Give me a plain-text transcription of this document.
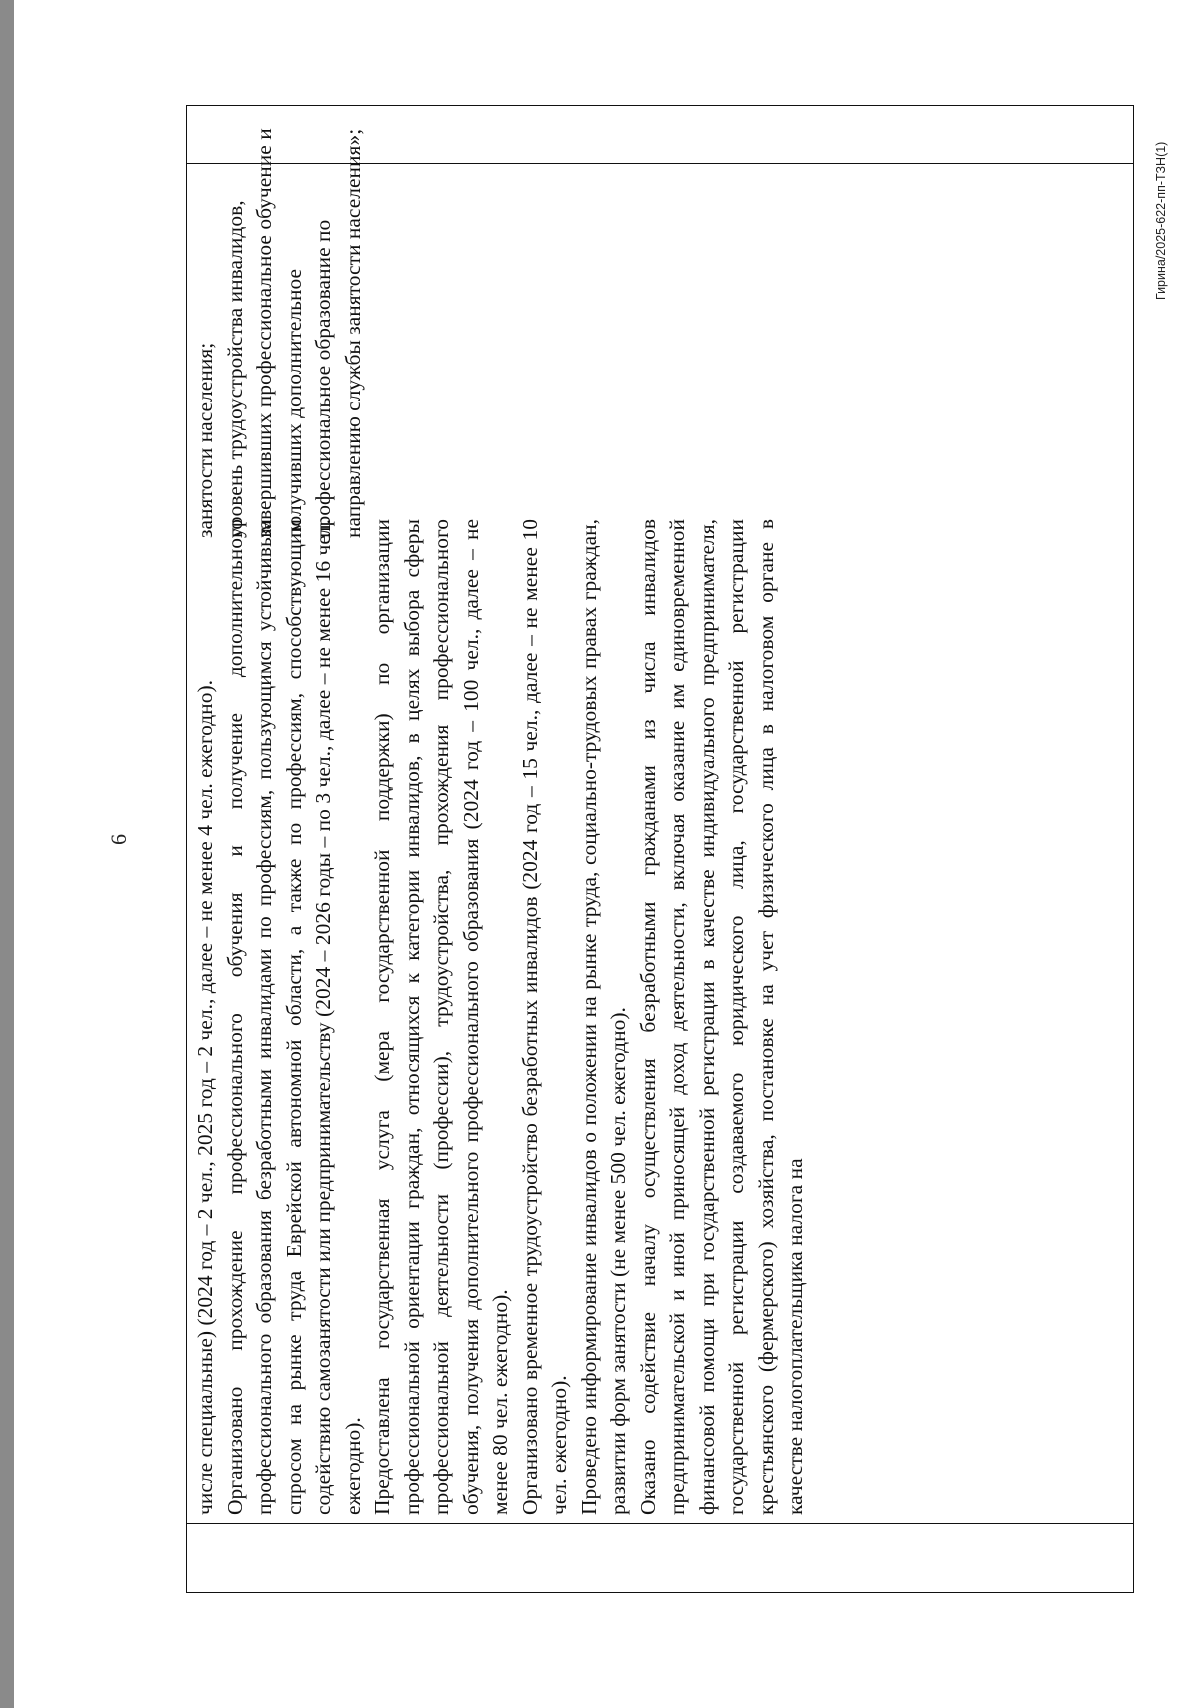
6	числе специальные) (2024 год – 2 чел., 2025 год – 2 чел., далее – не менее 4 чел. ежегодно). Организовано прохождение профессионального обучения и получение дополнительного профессионального образования безработными инвалидами по профессиям, пользующимся устойчивым спросом на рынке труда Еврейской автономной области, а также по профессиям, способствующим содействию самозанятости или предпринимательству (2024 – 2026 годы – по 3 чел., далее – не менее 16 чел. ежегодно). Предоставлена государственная услуга (мера государственной поддержки) по организации профессиональной ориентации граждан, относящихся к категории инвалидов, в целях выбора сферы профессиональной деятельности (профессии), трудоустройства, прохождения профессионального обучения, получения дополнительного профессионального образования (2024 год – 100 чел., далее – не менее 80 чел. ежегодно). Организовано временное трудоустройство безработных инвалидов (2024 год – 15 чел., далее – не менее 10 чел. ежегодно). Проведено информирование инвалидов о положении на рынке труда, социально-трудовых правах граждан, развитии форм занятости (не менее 500 чел. ежегодно). Оказано содействие началу осуществления безработными гражданами из числа инвалидов предпринимательской и иной приносящей доход деятельности, включая оказание им единовременной финансовой помощи при государственной регистрации в качестве индивидуального предпринимателя, государственной регистрации создаваемого юридического лица, государственной регистрации крестьянского (фермерского) хозяйства, постановке на учет физического лица в налоговом органе в качестве налогоплательщика налога на

занятости населения; уровень трудоустройства инвалидов, завершивших профессиональное обучение и получивших дополнительное профессиональное образование по направлению службы занятости населения»;	Гирина/2025-622-пп-ТЗН(1)
